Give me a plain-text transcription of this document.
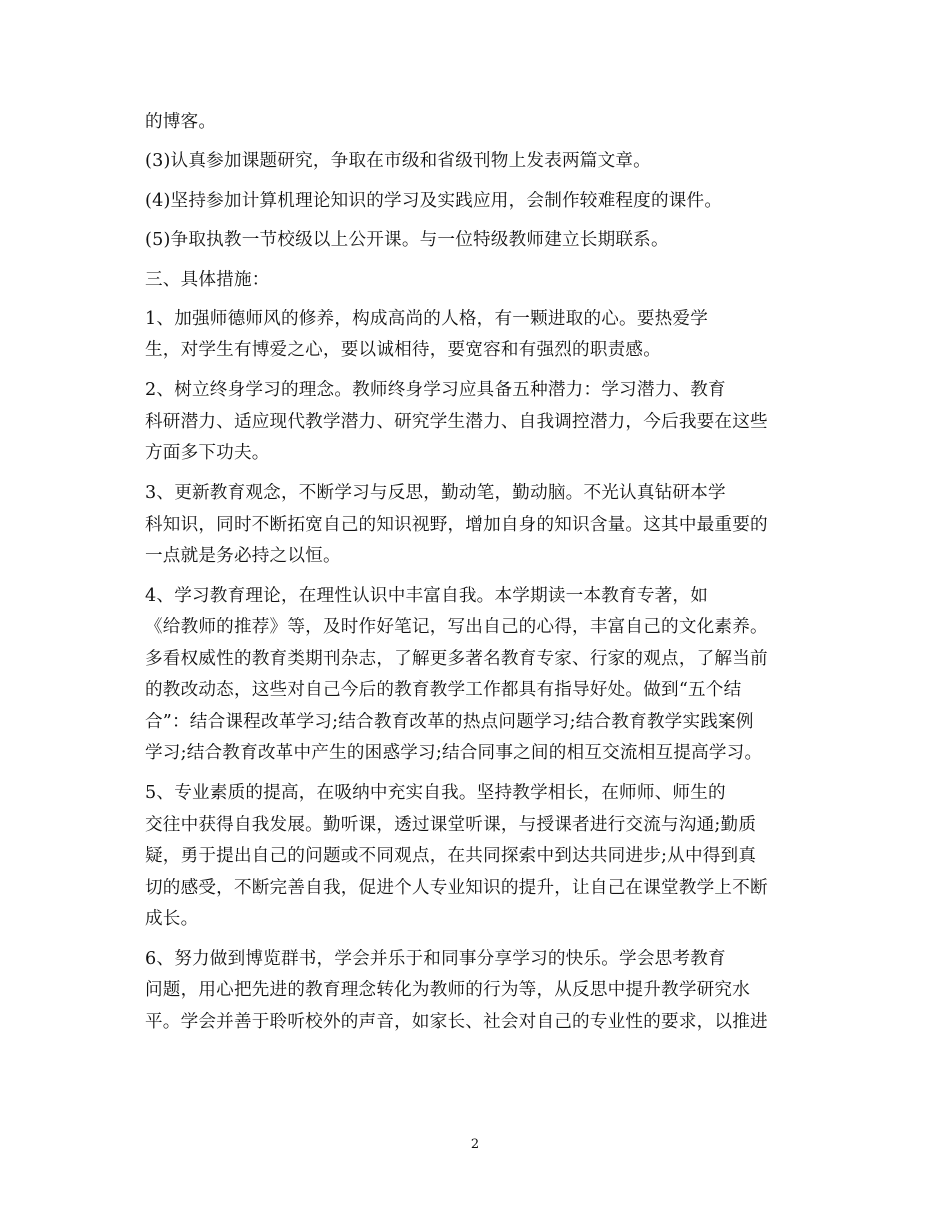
的博客。
(3)认真参加课题研究，争取在市级和省级刊物上发表两篇文章。
(4)坚持参加计算机理论知识的学习及实践应用，会制作较难程度的课件。
(5)争取执教一节校级以上公开课。与一位特级教师建立长期联系。
三、具体措施：
1、加强师德师风的修养，构成高尚的人格，有一颗进取的心。要热爱学
生，对学生有博爱之心，要以诚相待，要宽容和有强烈的职责感。
2、树立终身学习的理念。教师终身学习应具备五种潜力：学习潜力、教育
科研潜力、适应现代教学潜力、研究学生潜力、自我调控潜力，今后我要在这些
方面多下功夫。
3、更新教育观念，不断学习与反思，勤动笔，勤动脑。不光认真钻研本学
科知识，同时不断拓宽自己的知识视野，增加自身的知识含量。这其中最重要的
一点就是务必持之以恒。
4、学习教育理论，在理性认识中丰富自我。本学期读一本教育专著，如
《给教师的推荐》等，及时作好笔记，写出自己的心得，丰富自己的文化素养。
多看权威性的教育类期刊杂志，了解更多著名教育专家、行家的观点，了解当前
的教改动态，这些对自己今后的教育教学工作都具有指导好处。做到“五个结
合”：结合课程改革学习;结合教育改革的热点问题学习;结合教育教学实践案例
学习;结合教育改革中产生的困惑学习;结合同事之间的相互交流相互提高学习。
5、专业素质的提高，在吸纳中充实自我。坚持教学相长，在师师、师生的
交往中获得自我发展。勤听课，透过课堂听课，与授课者进行交流与沟通;勤质
疑，勇于提出自己的问题或不同观点，在共同探索中到达共同进步;从中得到真
切的感受，不断完善自我，促进个人专业知识的提升，让自己在课堂教学上不断
成长。
6、努力做到博览群书，学会并乐于和同事分享学习的快乐。学会思考教育
问题，用心把先进的教育理念转化为教师的行为等，从反思中提升教学研究水
平。学会并善于聆听校外的声音，如家长、社会对自己的专业性的要求，以推进
2
